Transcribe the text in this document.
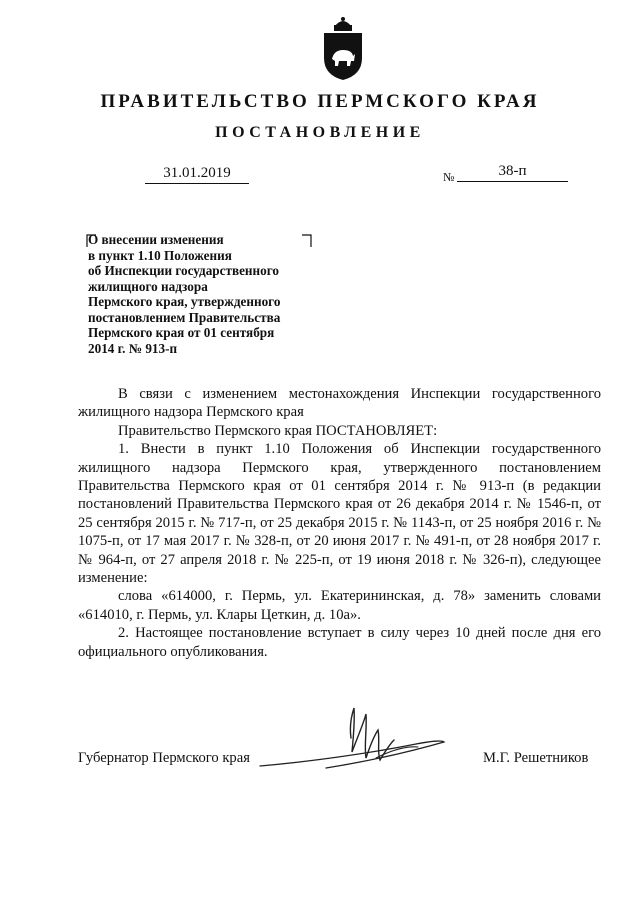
ПРАВИТЕЛЬСТВО ПЕРМСКОГО КРАЯ
ПОСТАНОВЛЕНИЕ
31.01.2019	№	38-п
О внесении изменения
в пункт 1.10 Положения
об Инспекции государственного
жилищного надзора
Пермского края, утвержденного
постановлением Правительства
Пермского края от 01 сентября
2014 г. № 913-п

В связи с изменением местонахождения Инспекции государственного жилищного надзора Пермского края

Правительство Пермского края ПОСТАНОВЛЯЕТ:

1. Внести в пункт 1.10 Положения об Инспекции государственного жилищного надзора Пермского края, утвержденного постановлением Правительства Пермского края от 01 сентября 2014 г. № 913-п (в редакции постановлений Правительства Пермского края от 26 декабря 2014 г. № 1546-п, от 25 сентября 2015 г. № 717-п, от 25 декабря 2015 г. № 1143-п, от 25 ноября 2016 г. № 1075-п, от 17 мая 2017 г. № 328-п, от 20 июня 2017 г. № 491-п, от 28 ноября 2017 г. № 964-п, от 27 апреля 2018 г. № 225-п, от 19 июня 2018 г. № 326-п), следующее изменение:

слова «614000, г. Пермь, ул. Екатерининская, д. 78» заменить словами «614010, г. Пермь, ул. Клары Цеткин, д. 10а».

2. Настоящее постановление вступает в силу через 10 дней после дня его официального опубликования.

Губернатор Пермского края	М.Г. Решетников
